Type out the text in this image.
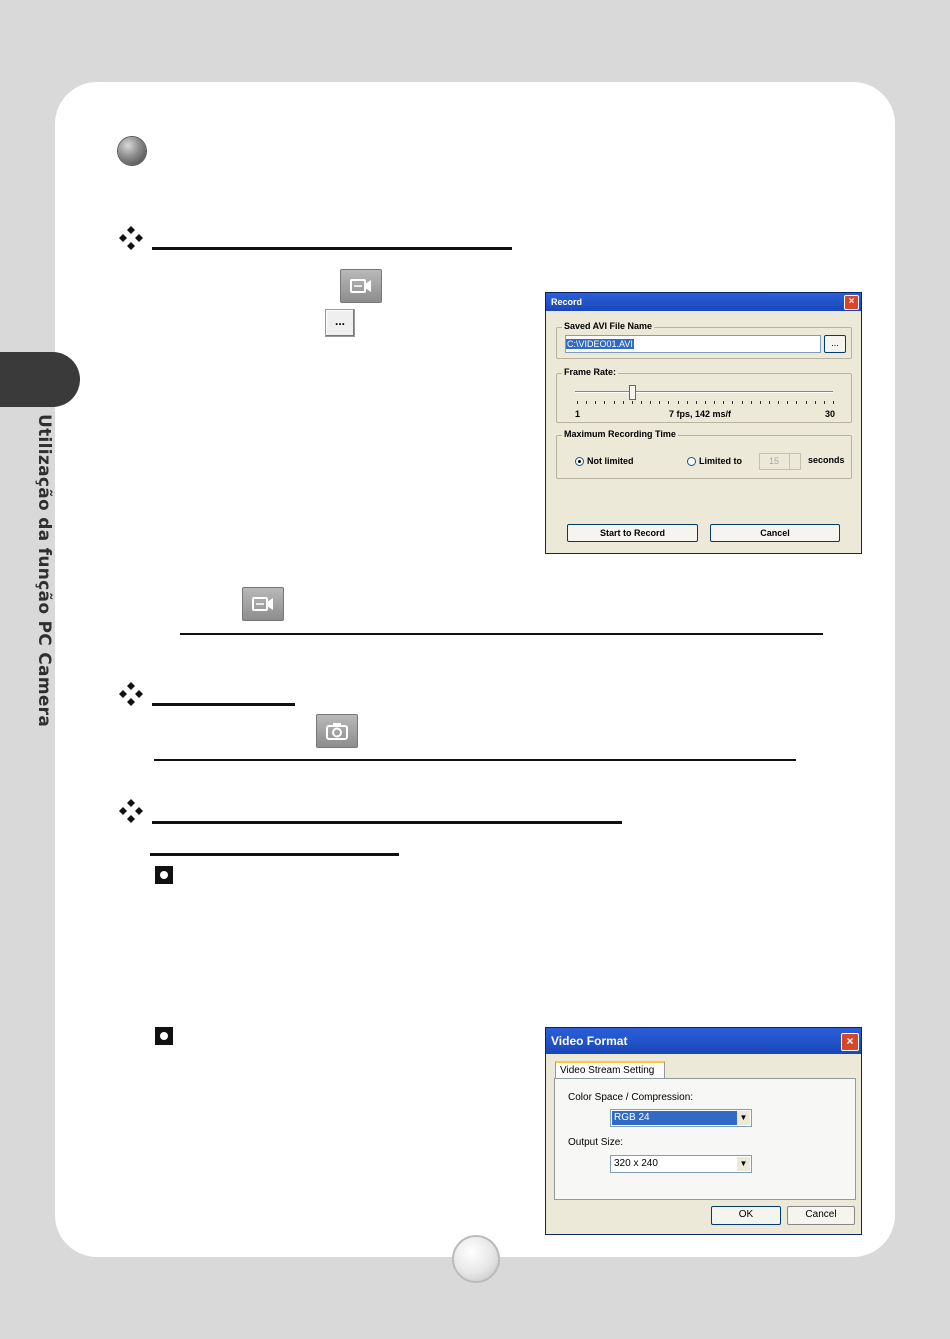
Utilização da função PC Camera
...
Record	×
Saved AVI File Name
C:\VIDEO01.AVI	...
Frame Rate:
1	7 fps, 142 ms/f	30
Maximum Recording Time
Not limited	Limited to	15	seconds
Start to Record	Cancel
Video Format	×
Video Stream Setting
Color Space / Compression:
RGB 24	▼
Output Size:
320 x 240	▼
OK	Cancel
